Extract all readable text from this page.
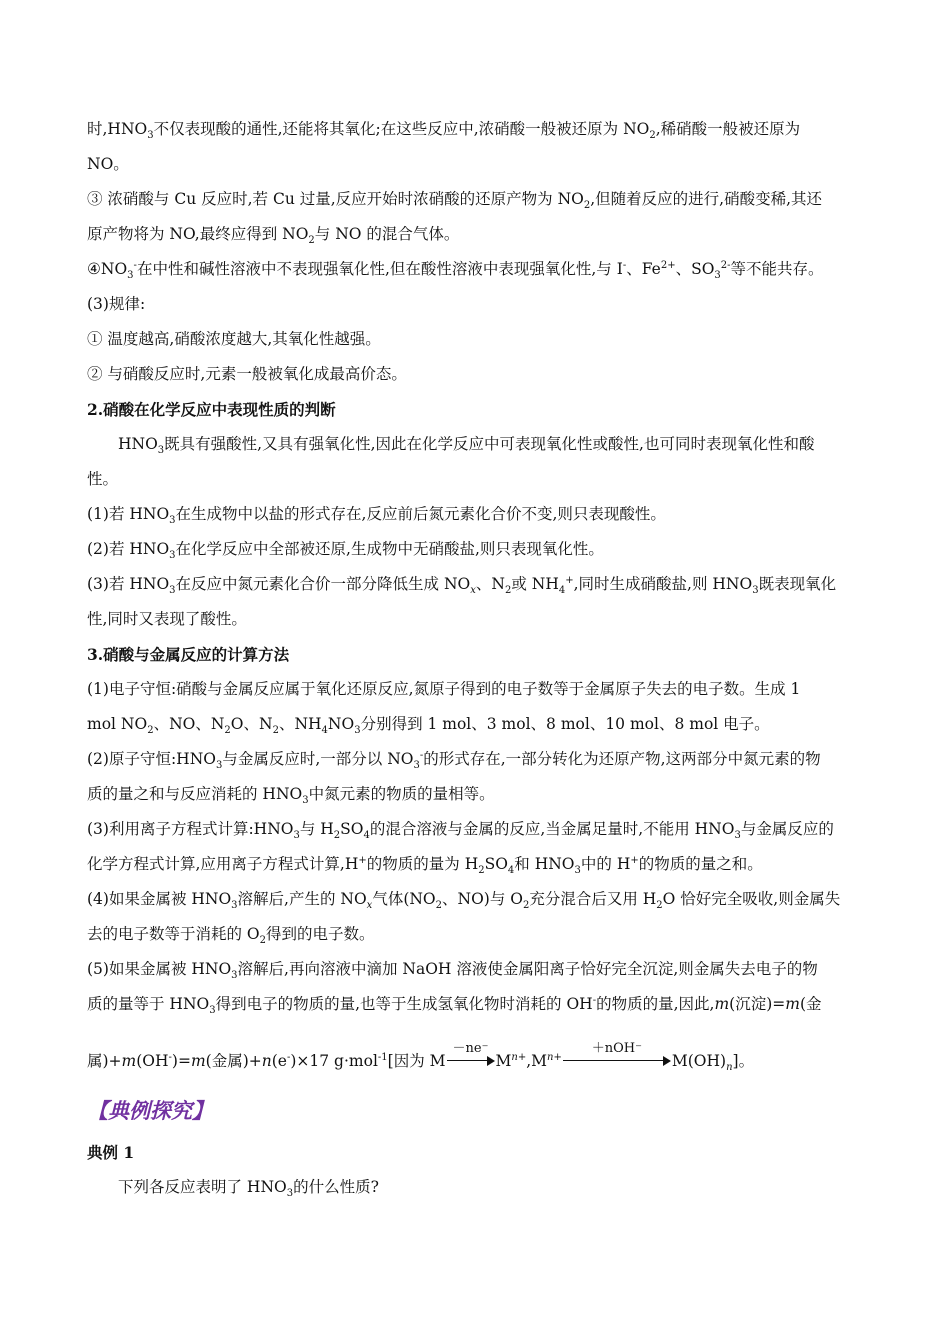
时$,HNO_3$不仅表现酸的通性,还能将其氧化;在这些反应中,浓硝酸一般被还原为 $NO_2$,稀硝酸一般被还原为
NO。
③ 浓硝酸与 Cu 反应时,若 Cu 过量,反应开始时浓硝酸的还原产物为 $NO_2$,但随着反应的进行,硝酸变稀,其还
原产物将为 NO,最终应得到 $NO_2$与 NO 的混合气体。
$④NO_3^-$在中性和碱性溶液中不表现强氧化性,但在酸性溶液中表现强氧化性,与 I-、$Fe^{2+}$、$SO_3^{2-}$等不能共存。
(3)规律:
① 温度越高,硝酸浓度越大,其氧化性越强。
② 与硝酸反应时,元素一般被氧化成最高价态。
2.硝酸在化学反应中表现性质的判断
$HNO_3$既具有强酸性,又具有强氧化性,因此在化学反应中可表现氧化性或酸性,也可同时表现氧化性和酸
性。
(1)若 $HNO_3$在生成物中以盐的形式存在,反应前后氮元素化合价不变,则只表现酸性。
(2)若 $HNO_3$在化学反应中全部被还原,生成物中无硝酸盐,则只表现氧化性。
(3)若 $HNO_3$在反应中氮元素化合价一部分降低生成 $NO_x$、$N_2$或 $NH_4^+$,同时生成硝酸盐,则 $HNO_3$既表现氧化
性,同时又表现了酸性。
3.硝酸与金属反应的计算方法
(1)电子守恒:硝酸与金属反应属于氧化还原反应,氮原子得到的电子数等于金属原子失去的电子数。生成 1
mol $NO_2$、NO、$N_2O$、$N_2$、$NH_4NO_3$分别得到 1 mol、3 mol、8 mol、10 mol、8 mol 电子。
(2)原子守恒$:HNO_3$与金属反应时,一部分以 $NO_3^-$的形式存在,一部分转化为还原产物,这两部分中氮元素的物
质的量之和与反应消耗的 $HNO_3$中氮元素的物质的量相等。
(3)利用离子方程式计算$:HNO_3$与 $H_2SO_4$的混合溶液与金属的反应,当金属足量时,不能用 $HNO_3$与金属反应的
化学方程式计算,应用离子方程式计算,H+的物质的量为 $H_2SO_4$和 $HNO_3$中的 H+的物质的量之和。
(4)如果金属被 $HNO_3$溶解后,产生的 $NO_x$气体($NO_2$、NO)与 $O_2$充分混合后又用 $H_2O$ 恰好完全吸收,则金属失
去的电子数等于消耗的 $O_2$得到的电子数。
(5)如果金属被 $HNO_3$溶解后,再向溶液中滴加 NaOH 溶液使金属阳离子恰好完全沉淀,则金属失去电子的物
质的量等于 $HNO_3$得到电子的物质的量,也等于生成氢氧化物时消耗的 OH-的物质的量,因此,m(沉淀)=m(金
属)+m(OH-)=m(金属)+n(e-)×17 g·mol$^{-1}$[因为 M
－ne⁻
$M^{n+},M^{n+}$
＋nOH⁻
$M(OH)_n$]。
【典例探究】
典例 1
下列各反应表明了 $HNO_3$的什么性质?
